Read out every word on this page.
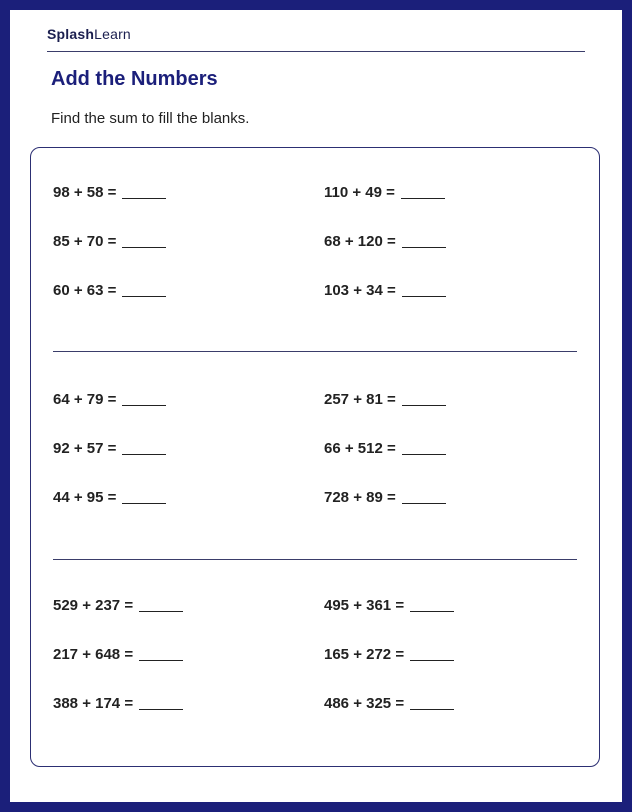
SplashLearn
Add the Numbers
Find the sum to fill the blanks.
98 + 58 =
85 + 70 =
60 + 63 =
110 + 49 =
68 + 120 =
103 + 34 =
64 + 79 =
92 + 57 =
44 + 95 =
257 + 81 =
66 + 512 =
728 + 89 =
529 + 237 =
217 + 648 =
388 + 174 =
495 + 361 =
165 + 272 =
486 + 325 =
